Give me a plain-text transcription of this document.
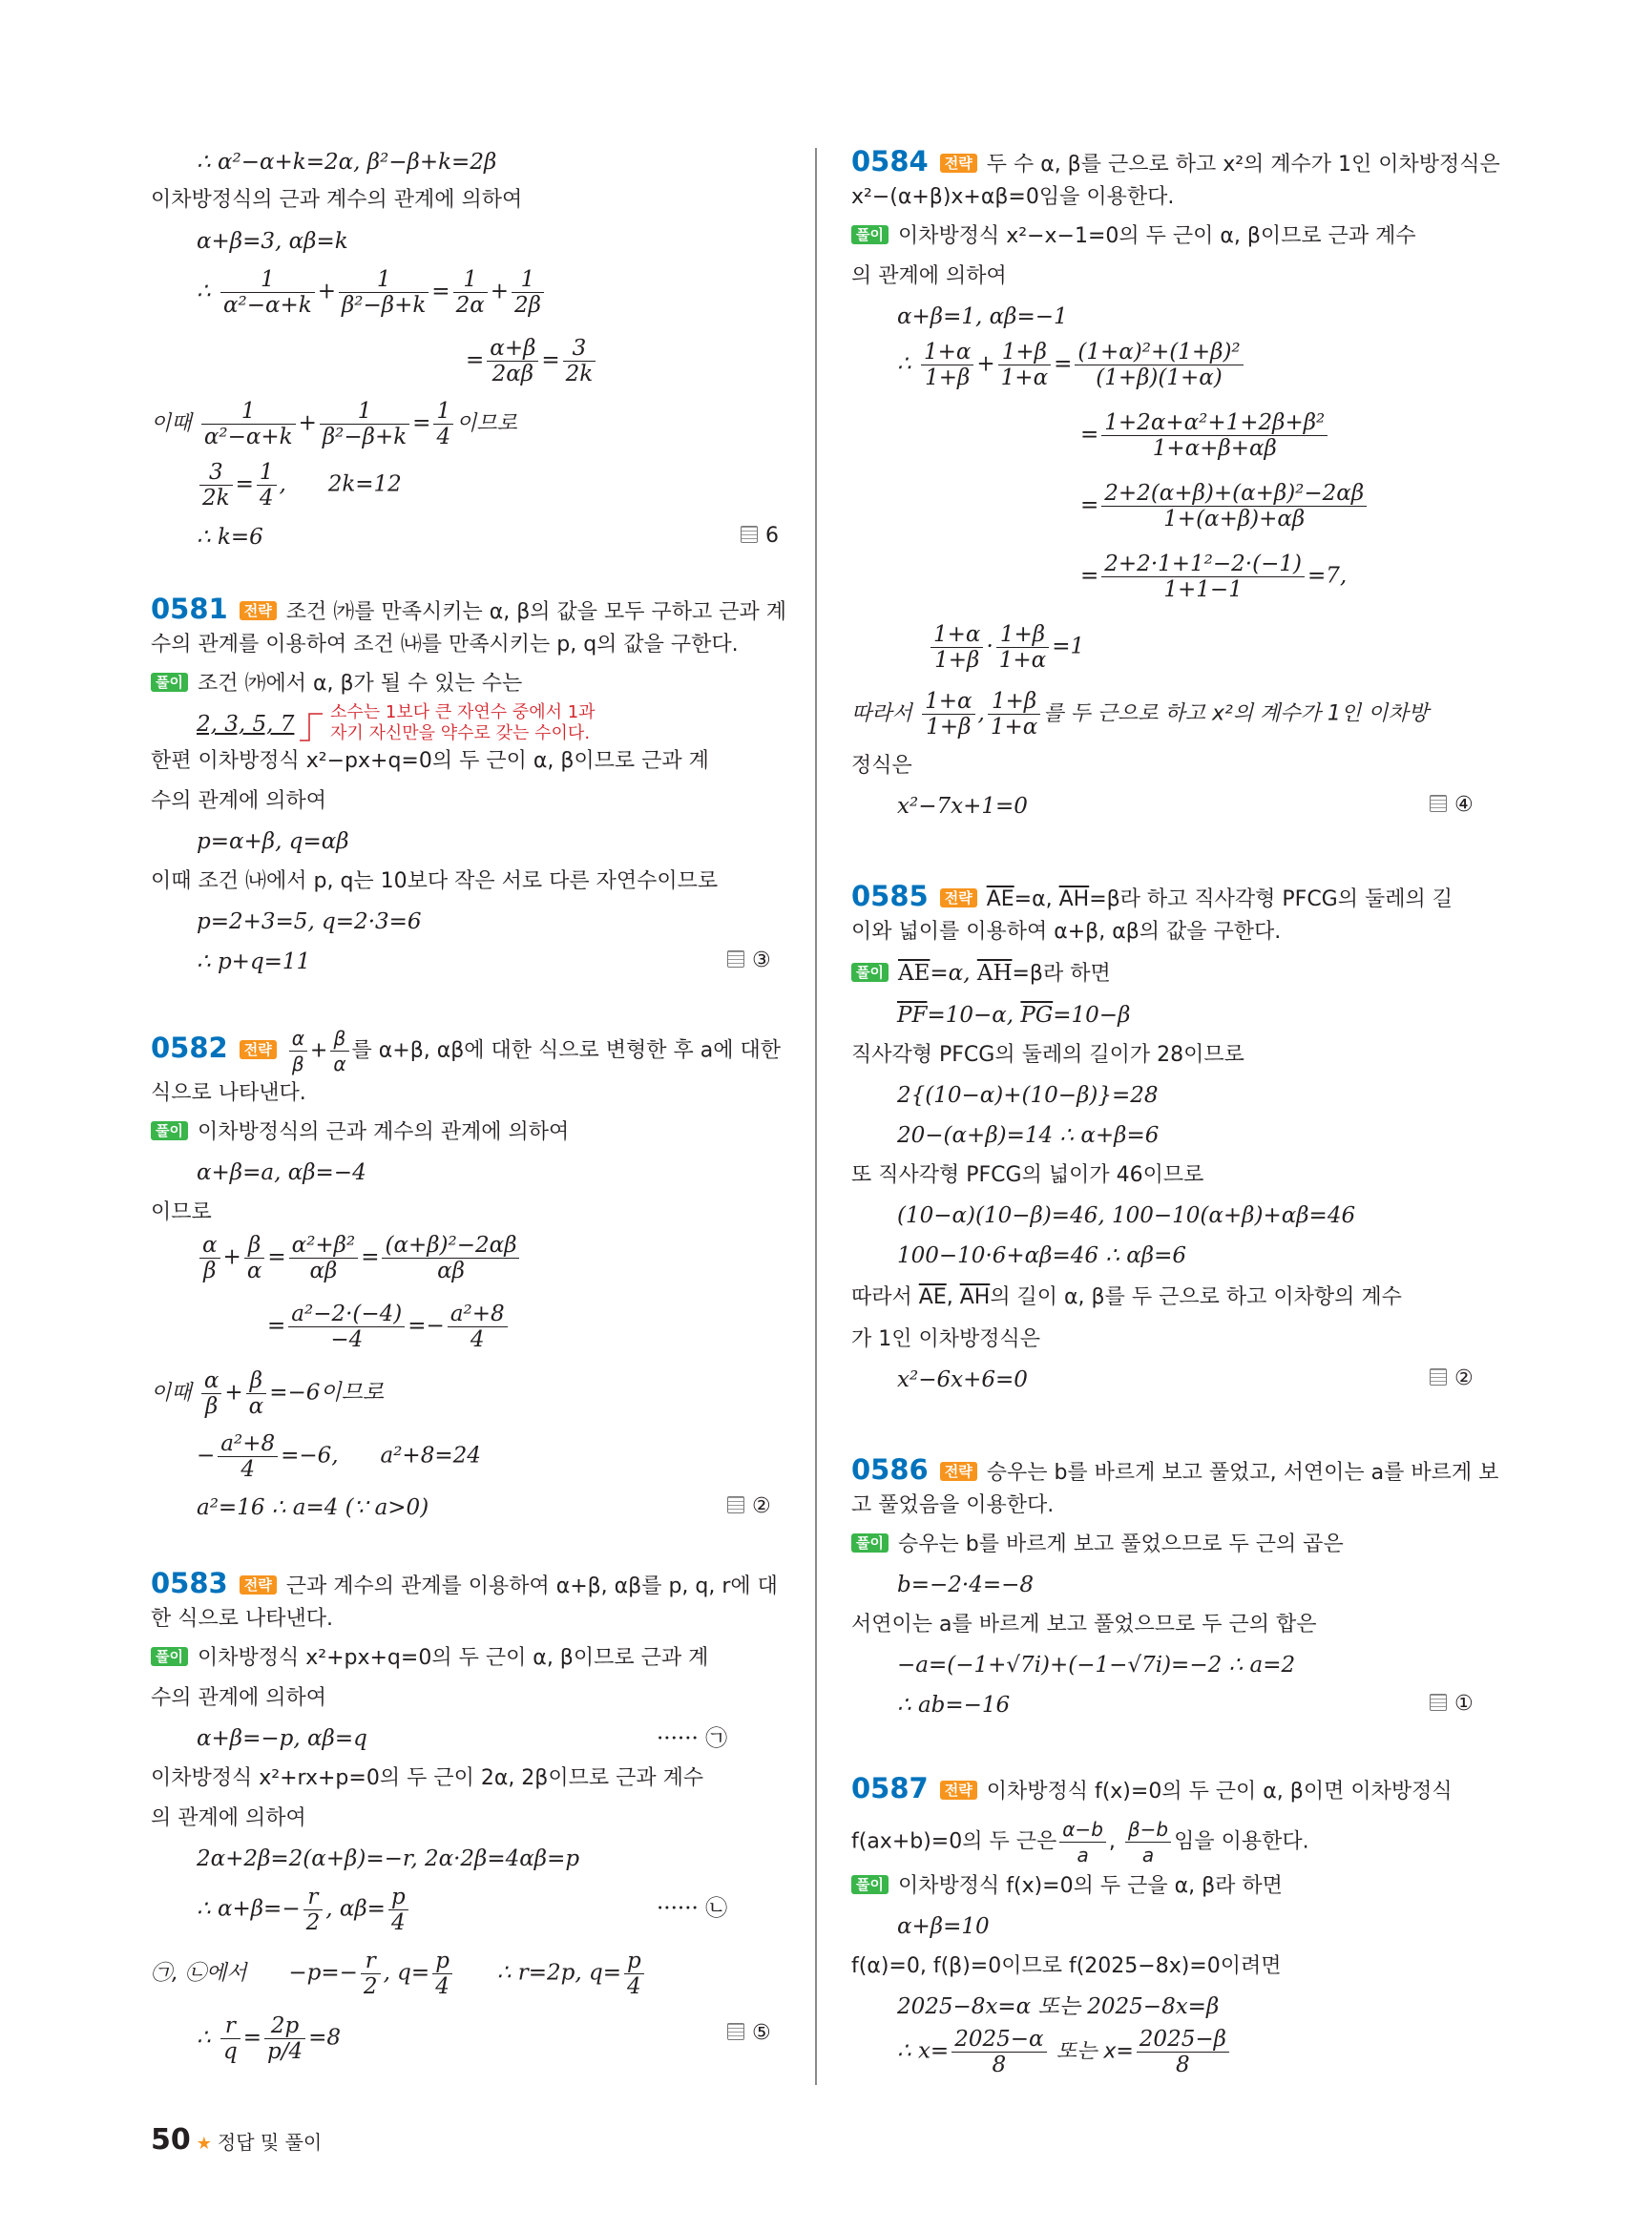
∴ α²−α+k=2α, β²−β+k=2β
이차방정식의 근과 계수의 관계에 의하여
α+β=3, αβ=k
∴ $\frac{1}{\text{α²−α+k}} + \frac{1}{\text{β²−β+k}} = \frac{1}{2\alpha} + \frac{1}{2\beta}$
= $\frac{\alpha+\beta}{2\alpha\beta} = \frac{3}{2k}$
이때 $\frac{1}{\text{α²−α+k}} + \frac{1}{\text{β²−β+k}} = \frac{1}{4}$ 이므로
$\frac{3}{2k} = \frac{1}{4}$ ,      2k=12
∴ k=6	6
0581 전략 조건 ㈎를 만족시키는 α, β의 값을 모두 구하고 근과 계
수의 관계를 이용하여 조건 ㈏를 만족시키는 p, q의 값을 구한다.
풀이 조건 ㈎에서 α, β가 될 수 있는 수는
2, 3, 5, 7 소수는 1보다 큰 자연수 중에서 1과
자기 자신만을 약수로 갖는 수이다.
한편 이차방정식 x²−px+q=0의 두 근이 α, β이므로 근과 계
수의 관계에 의하여
p=α+β, q=αβ
이때 조건 ㈏에서 p, q는 10보다 작은 서로 다른 자연수이므로
p=2+3=5, q=2·3=6
∴ p+q=11	③
0582 전략 $\frac{\alpha}{\beta} + \frac{\beta}{\alpha}$ 를 α+β, αβ에 대한 식으로 변형한 후 a에 대한
식으로 나타낸다.
풀이 이차방정식의 근과 계수의 관계에 의하여
α+β=a, αβ=−4
이므로
$\frac{\alpha}{\beta} + \frac{\beta}{\alpha} = \frac{\text{α²+β²}}{\alpha\beta} = \frac{\text{(α+β)²−2αβ}}{\alpha\beta}$
= $\frac{\text{a²−2·(−4)}}{-4} =- \frac{\text{a²+8}}{4}$
이때 $\frac{\alpha}{\beta} + \frac{\beta}{\alpha} =-6$이므로
− $\frac{\text{a²+8}}{4} =-6$, a²+8=24
a²=16 ∴ a=4 (∵ a>0)	②
0583 전략 근과 계수의 관계를 이용하여 α+β, αβ를 p, q, r에 대
한 식으로 나타낸다.
풀이 이차방정식 x²+px+q=0의 두 근이 α, β이므로 근과 계
수의 관계에 의하여
α+β=−p, αβ=q	······ ㉠
이차방정식 x²+rx+p=0의 두 근이 2α, 2β이므로 근과 계수
의 관계에 의하여
2α+2β=2(α+β)=−r, 2α·2β=4αβ=p
∴ $\alpha+\beta=- \frac{r}{2}$ , $\alpha\beta= \frac{p}{4}$	······ ㉡
㉠, ㉡에서 $-p=- \frac{r}{2}$ , $q= \frac{p}{4}$ ∴ r=2p, $q= \frac{p}{4}$
∴ $\frac{r}{q} = \frac{2p}{p/4} =8$	⑤
0584 전략 두 수 α, β를 근으로 하고 x²의 계수가 1인 이차방정식은
x²−(α+β)x+αβ=0임을 이용한다.
풀이 이차방정식 x²−x−1=0의 두 근이 α, β이므로 근과 계수
의 관계에 의하여
α+β=1, αβ=−1
∴ $\frac{1+\alpha}{1+\beta} + \frac{1+\beta}{1+\alpha} = \frac{\text{(1+α)²+(1+β)²}}{(1+\beta)(1+\alpha)}$
= $\frac{\text{1+2α+α²+1+2β+β²}}{1+\alpha+\beta+\alpha\beta}$
= $\frac{\text{2+2(α+β)+(α+β)²−2αβ}}{1+(\alpha+\beta)+\alpha\beta}$
= $\frac{\text{2+2·1+1²−2·(−1)}}{1+1-1} =7$,
$\frac{1+\alpha}{1+\beta} \cdot \frac{1+\beta}{1+\alpha} =1$
따라서 $\frac{1+\alpha}{1+\beta}$ , $\frac{1+\beta}{1+\alpha}$ 를 두 근으로 하고 x²의 계수가 1인 이차방
정식은
x²−7x+1=0	④
0585 전략 $\overline{AE}=\alpha$, $\overline{AH}=\beta$라 하고 직사각형 PFCG의 둘레의 길
이와 넓이를 이용하여 α+β, αβ의 값을 구한다.
풀이 $\overline{AE}=\alpha$, $\overline{AH}=\beta$라 하면
$\overline{PF}=10-\alpha$, $\overline{PG}=10-\beta$
직사각형 PFCG의 둘레의 길이가 28이므로
2{(10−α)+(10−β)}=28
20−(α+β)=14 ∴ α+β=6
또 직사각형 PFCG의 넓이가 46이므로
(10−α)(10−β)=46, 100−10(α+β)+αβ=46
100−10·6+αβ=46 ∴ αβ=6
따라서 $\overline{AE}$, $\overline{AH}$의 길이 α, β를 두 근으로 하고 이차항의 계수
가 1인 이차방정식은
x²−6x+6=0	②
0586 전략 승우는 b를 바르게 보고 풀었고, 서연이는 a를 바르게 보
고 풀었음을 이용한다.
풀이 승우는 b를 바르게 보고 풀었으므로 두 근의 곱은
b=−2·4=−8
서연이는 a를 바르게 보고 풀었으므로 두 근의 합은
−a=(−1+√7i)+(−1−√7i)=−2 ∴ a=2
∴ ab=−16	①
0587 전략 이차방정식 f(x)=0의 두 근이 α, β이면 이차방정식
f(ax+b)=0의 두 근은 $\frac{\alpha-b}{a}$ , $\frac{\beta-b}{a}$ 임을 이용한다.
풀이 이차방정식 f(x)=0의 두 근을 α, β라 하면
α+β=10
f(α)=0, f(β)=0이므로 f(2025−8x)=0이려면
2025−8x=α 또는 2025−8x=β
∴ $x= \frac{2025-\alpha}{8}$ 또는 $x= \frac{2025-\beta}{8}$
50 ★ 정답 및 풀이
